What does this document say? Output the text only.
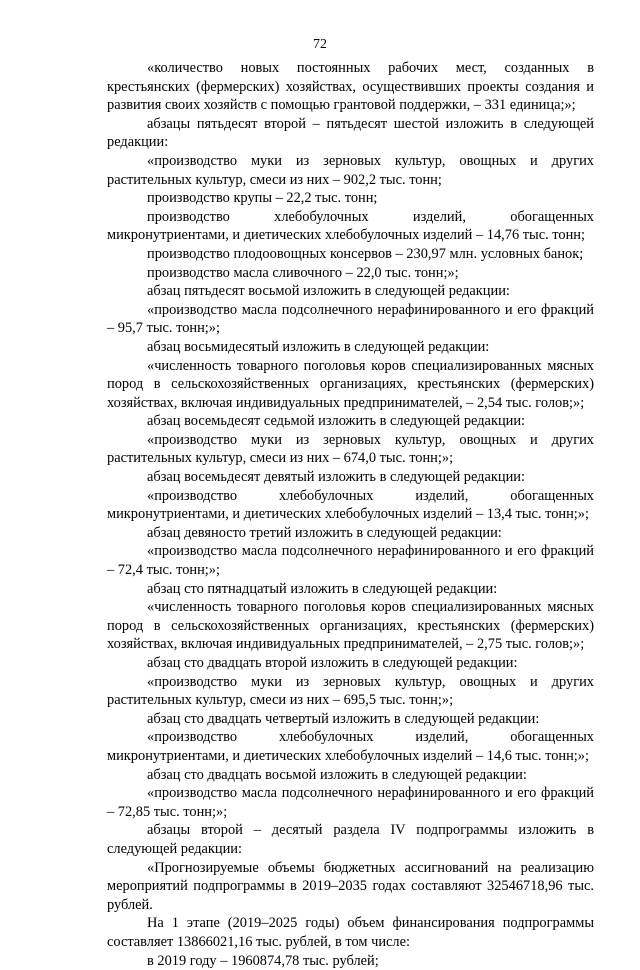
72

«количество новых постоянных рабочих мест, созданных в крестьянских (фермерских) хозяйствах, осуществивших проекты создания и развития своих хозяйств с помощью грантовой поддержки, – 331 единица;»;

абзацы пятьдесят второй – пятьдесят шестой изложить в следующей редакции:

«производство муки из зерновых культур, овощных и других растительных культур, смеси из них – 902,2 тыс. тонн;

производство крупы – 22,2 тыс. тонн;

производство хлебобулочных изделий, обогащенных микронутриентами, и диетических хлебобулочных изделий – 14,76 тыс. тонн;

производство плодоовощных консервов – 230,97 млн. условных банок;

производство масла сливочного – 22,0 тыс. тонн;»;

абзац пятьдесят восьмой изложить в следующей редакции:

«производство масла подсолнечного нерафинированного и его фракций – 95,7 тыс. тонн;»;

абзац восьмидесятый изложить в следующей редакции:

«численность товарного поголовья коров специализированных мясных пород в сельскохозяйственных организациях, крестьянских (фермерских) хозяйствах, включая индивидуальных предпринимателей, – 2,54 тыс. голов;»;

абзац восемьдесят седьмой изложить в следующей редакции:

«производство муки из зерновых культур, овощных и других растительных культур, смеси из них – 674,0 тыс. тонн;»;

абзац восемьдесят девятый изложить в следующей редакции:

«производство хлебобулочных изделий, обогащенных микронутриентами, и диетических хлебобулочных изделий – 13,4 тыс. тонн;»;

абзац девяносто третий изложить в следующей редакции:

«производство масла подсолнечного нерафинированного и его фракций – 72,4 тыс. тонн;»;

абзац сто пятнадцатый изложить в следующей редакции:

«численность товарного поголовья коров специализированных мясных пород в сельскохозяйственных организациях, крестьянских (фермерских) хозяйствах, включая индивидуальных предпринимателей, – 2,75 тыс. голов;»;

абзац сто двадцать второй изложить в следующей редакции:

«производство муки из зерновых культур, овощных и других растительных культур, смеси из них – 695,5 тыс. тонн;»;

абзац сто двадцать четвертый изложить в следующей редакции:

«производство хлебобулочных изделий, обогащенных микронутриентами, и диетических хлебобулочных изделий – 14,6 тыс. тонн;»;

абзац сто двадцать восьмой изложить в следующей редакции:

«производство масла подсолнечного нерафинированного и его фракций – 72,85 тыс. тонн;»;

абзацы второй – десятый раздела IV подпрограммы изложить в следующей редакции:

«Прогнозируемые объемы бюджетных ассигнований на реализацию мероприятий подпрограммы в 2019–2035 годах составляют 32546718,96 тыс. рублей.

На 1 этапе (2019–2025 годы) объем финансирования подпрограммы составляет 13866021,16 тыс. рублей, в том числе:

в 2019 году – 1960874,78 тыс. рублей;
